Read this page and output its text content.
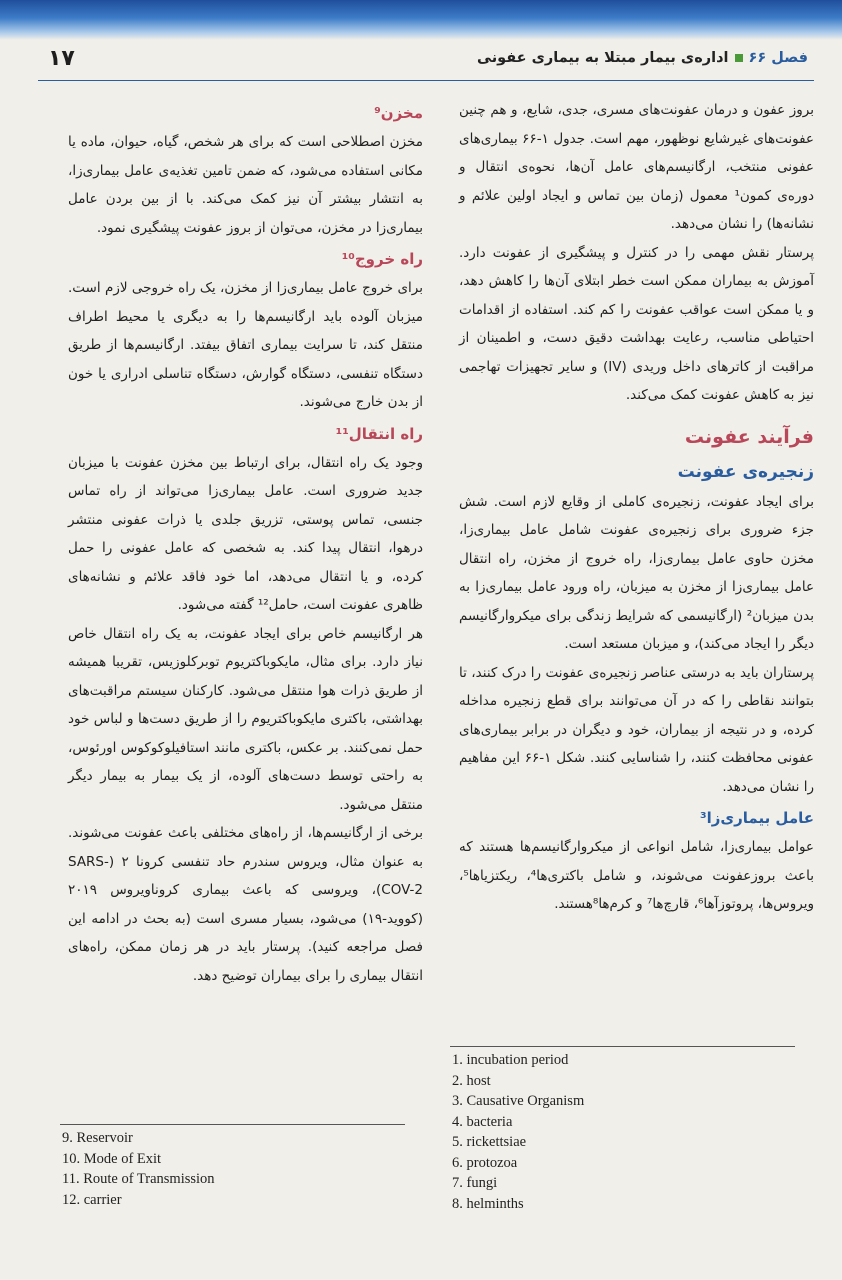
۱۷	فصل ۶۶
اداره‌ی بیمار مبتلا به بیماری عفونی

بروز عفون و درمان عفونت‌های مسری، جدی، شایع، و هم چنین عفونت‌های غیرشایع نوظهور، مهم است. جدول ۱-۶۶ بیماری‌های عفونی منتخب، ارگانیسم‌های عامل آن‌ها، نحوه‌ی انتقال و دوره‌ی کمون¹ معمول (زمان بین تماس و ایجاد اولین علائم و نشانه‌ها) را نشان می‌دهد.

پرستار نقش مهمی را در کنترل و پیشگیری از عفونت دارد. آموزش به بیماران ممکن است خطر ابتلای آن‌ها را کاهش دهد، و یا ممکن است عواقب عفونت را کم کند. استفاده از اقدامات احتیاطی مناسب، رعایت بهداشت دقیق دست، و اطمینان از مراقبت از کاترهای داخل وریدی (IV) و سایر تجهیزات تهاجمی نیز به کاهش عفونت کمک می‌کند.

فرآیند عفونت
زنجیره‌ی عفونت

برای ایجاد عفونت، زنجیره‌ی کاملی از وقایع لازم است. شش جزء ضروری برای زنجیره‌ی عفونت شامل عامل بیماری‌زا، مخزن حاوی عامل بیماری‌زا، راه خروج از مخزن، راه انتقال عامل بیماری‌زا از مخزن به میزبان، راه ورود عامل بیماری‌زا به بدن میزبان² (ارگانیسمی که شرایط زندگی برای میکروارگانیسم دیگر را ایجاد می‌کند)، و میزبان مستعد است.

پرستاران باید به درستی عناصر زنجیره‌ی عفونت را درک کنند، تا بتوانند نقاطی را که در آن می‌توانند برای قطع زنجیره مداخله کرده، و در نتیجه از بیماران، خود و دیگران در برابر بیماری‌های عفونی محافظت کنند، را شناسایی کنند. شکل ۱-۶۶ این مفاهیم را نشان می‌دهد.

عامل بیماری‌زا³

عوامل بیماری‌زا، شامل انواعی از میکروارگانیسم‌ها هستند که باعث بروزعفونت می‌شوند، و شامل باکتری‌ها⁴، ریکتزیاها⁵، ویروس‌ها، پروتوزآها⁶، قارچ‌ها⁷ و کرم‌ها⁸هستند.

مخزن⁹

مخزن اصطلاحی است که برای هر شخص، گیاه، حیوان، ماده یا مکانی استفاده می‌شود، که ضمن تامین تغذیه‌ی عامل بیماری‌زا، به انتشار بیشتر آن نیز کمک می‌کند. با از بین بردن عامل بیماری‌زا در مخزن، می‌توان از بروز عفونت پیشگیری نمود.

راه خروج¹⁰

برای خروج عامل بیماری‌زا از مخزن، یک راه خروجی لازم است. میزبان آلوده باید ارگانیسم‌ها را به دیگری یا محیط اطراف منتقل کند، تا سرایت بیماری اتفاق بیفتد. ارگانیسم‌ها از طریق دستگاه تنفسی، دستگاه گوارش، دستگاه تناسلی ادراری یا خون از بدن خارج می‌شوند.

راه انتقال¹¹

وجود یک راه انتقال، برای ارتباط بین مخزن عفونت با میزبان جدید ضروری است. عامل بیماری‌زا می‌تواند از راه تماس جنسی، تماس پوستی، تزریق جلدی یا ذرات عفونی منتشر درهوا، انتقال پیدا کند. به شخصی که عامل عفونی را حمل کرده، و یا انتقال می‌دهد، اما خود فاقد علائم و نشانه‌های ظاهری عفونت است، حامل¹² گفته می‌شود.

هر ارگانیسم خاص برای ایجاد عفونت، به یک راه انتقال خاص نیاز دارد. برای مثال، مایکوباکتریوم توبرکلوزیس، تقریبا همیشه از طریق ذرات هوا منتقل می‌شود. کارکنان سیستم مراقبت‌های بهداشتی، باکتری مایکوباکتریوم را از طریق دست‌ها و لباس خود حمل نمی‌کنند. بر عکس، باکتری مانند استافیلوکوکوس اورئوس، به راحتی توسط دست‌های آلوده، از یک بیمار به بیمار دیگر منتقل می‌شود.

برخی از ارگانیسم‌ها، از راه‌های مختلفی باعث عفونت می‌شوند. به عنوان مثال، ویروس سندرم حاد تنفسی کرونا ۲ (SARS-COV-2)، ویروسی که باعث بیماری کروناویروس ۲۰۱۹ (کووید-۱۹) می‌شود، بسیار مسری است (به بحث در ادامه این فصل مراجعه کنید). پرستار باید در هر زمان ممکن، راه‌های انتقال بیماری را برای بیماران توضیح دهد.

1. incubation period
2. host
3. Causative Organism
4. bacteria
5. rickettsiae
6. protozoa
7. fungi
8. helminths
9. Reservoir
10. Mode of Exit
11. Route of Transmission
12. carrier
